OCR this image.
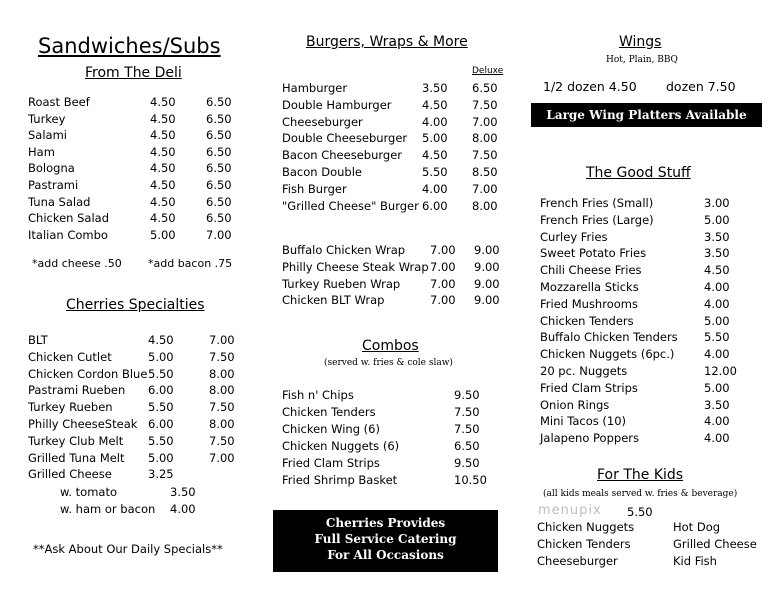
Sandwiches/Subs
From The Deli
Roast Beef	4.50	6.50
Turkey	4.50	6.50
Salami	4.50	6.50
Ham	4.50	6.50
Bologna	4.50	6.50
Pastrami	4.50	6.50
Tuna Salad	4.50	6.50
Chicken Salad	4.50	6.50
Italian Combo	5.00	7.00
*add cheese .50 *add bacon .75
Cherries Specialties
BLT	4.50	7.00
Chicken Cutlet	5.00	7.50
Chicken Cordon Blue 5.50	8.00
Pastrami Rueben 6.00	8.00
Turkey Rueben	5.50	7.50
Philly CheeseSteak 6.00	8.00
Turkey Club Melt 5.50	7.50
Grilled Tuna Melt 5.00	7.00
Grilled Cheese	3.25
w. tomato	3.50
w. ham or bacon 4.00
**Ask About Our Daily Specials**
Burgers, Wraps & More
Deluxe
Hamburger	3.50 6.50
Double Hamburger	4.50 7.50
Cheeseburger	4.00 7.00
Double Cheeseburger 5.00 8.00
Bacon Cheeseburger 4.50 7.50
Bacon Double	5.50 8.50
Fish Burger	4.00 7.00
"Grilled Cheese" Burger 6.00 8.00
Buffalo Chicken Wrap 7.00 9.00
Philly Cheese Steak Wrap 7.00 9.00
Turkey Rueben Wrap	7.00 9.00
Chicken BLT Wrap	7.00 9.00
Combos
(served w. fries & cole slaw)
Fish n' Chips	9.50
Chicken Tenders	7.50
Chicken Wing (6)	7.50
Chicken Nuggets (6)	6.50
Fried Clam Strips	9.50
Fried Shrimp Basket	10.50
Cherries Provides
Full Service Catering
For All Occasions
Wings
Hot, Plain, BBQ
1/2 dozen 4.50 dozen 7.50
Large Wing Platters Available
The Good Stuff
French Fries (Small)	3.00
French Fries (Large)	5.00
Curley Fries	3.50
Sweet Potato Fries	3.50
Chili Cheese Fries	4.50
Mozzarella Sticks	4.00
Fried Mushrooms	4.00
Chicken Tenders	5.00
Buffalo Chicken Tenders 5.50
Chicken Nuggets (6pc.)	4.00
20 pc. Nuggets	12.00
Fried Clam Strips	5.00
Onion Rings	3.50
Mini Tacos (10)	4.00
Jalapeno Poppers	4.00
For The Kids
(all kids meals served w. fries & beverage)
menupix 5.50
Chicken Nuggets	Hot Dog
Chicken Tenders	Grilled Cheese
Cheeseburger	Kid Fish
